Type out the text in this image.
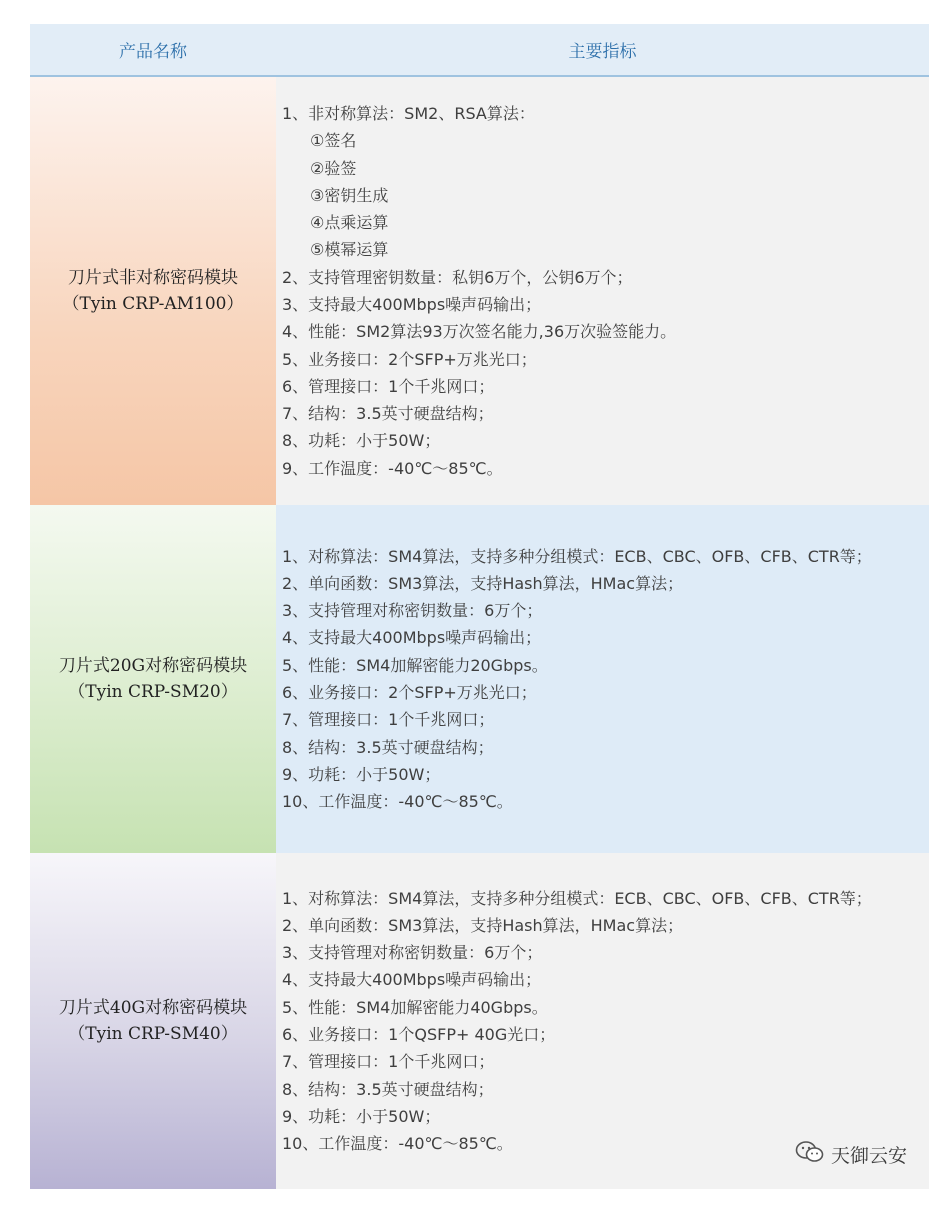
产品名称	主要指标
刀片式非对称密码模块
（Tyin CRP-AM100）
1、非对称算法：SM2、RSA算法：
①签名
②验签
③密钥生成
④点乘运算
⑤模幂运算
2、支持管理密钥数量：私钥6万个，公钥6万个；
3、支持最大400Mbps噪声码输出；
4、性能：SM2算法93万次签名能力,36万次验签能力。
5、业务接口：2个SFP+万兆光口；
6、管理接口：1个千兆网口；
7、结构：3.5英寸硬盘结构；
8、功耗：小于50W；
9、工作温度：-40℃～85℃。
刀片式20G对称密码模块
（Tyin CRP-SM20）
1、对称算法：SM4算法，支持多种分组模式：ECB、CBC、OFB、CFB、CTR等；
2、单向函数：SM3算法，支持Hash算法，HMac算法；
3、支持管理对称密钥数量：6万个；
4、支持最大400Mbps噪声码输出；
5、性能：SM4加解密能力20Gbps。
6、业务接口：2个SFP+万兆光口；
7、管理接口：1个千兆网口；
8、结构：3.5英寸硬盘结构；
9、功耗：小于50W；
10、工作温度：-40℃～85℃。
刀片式40G对称密码模块
（Tyin CRP-SM40）
1、对称算法：SM4算法，支持多种分组模式：ECB、CBC、OFB、CFB、CTR等；
2、单向函数：SM3算法，支持Hash算法，HMac算法；
3、支持管理对称密钥数量：6万个；
4、支持最大400Mbps噪声码输出；
5、性能：SM4加解密能力40Gbps。
6、业务接口：1个QSFP+ 40G光口；
7、管理接口：1个千兆网口；
8、结构：3.5英寸硬盘结构；
9、功耗：小于50W；
10、工作温度：-40℃～85℃。
天御云安
